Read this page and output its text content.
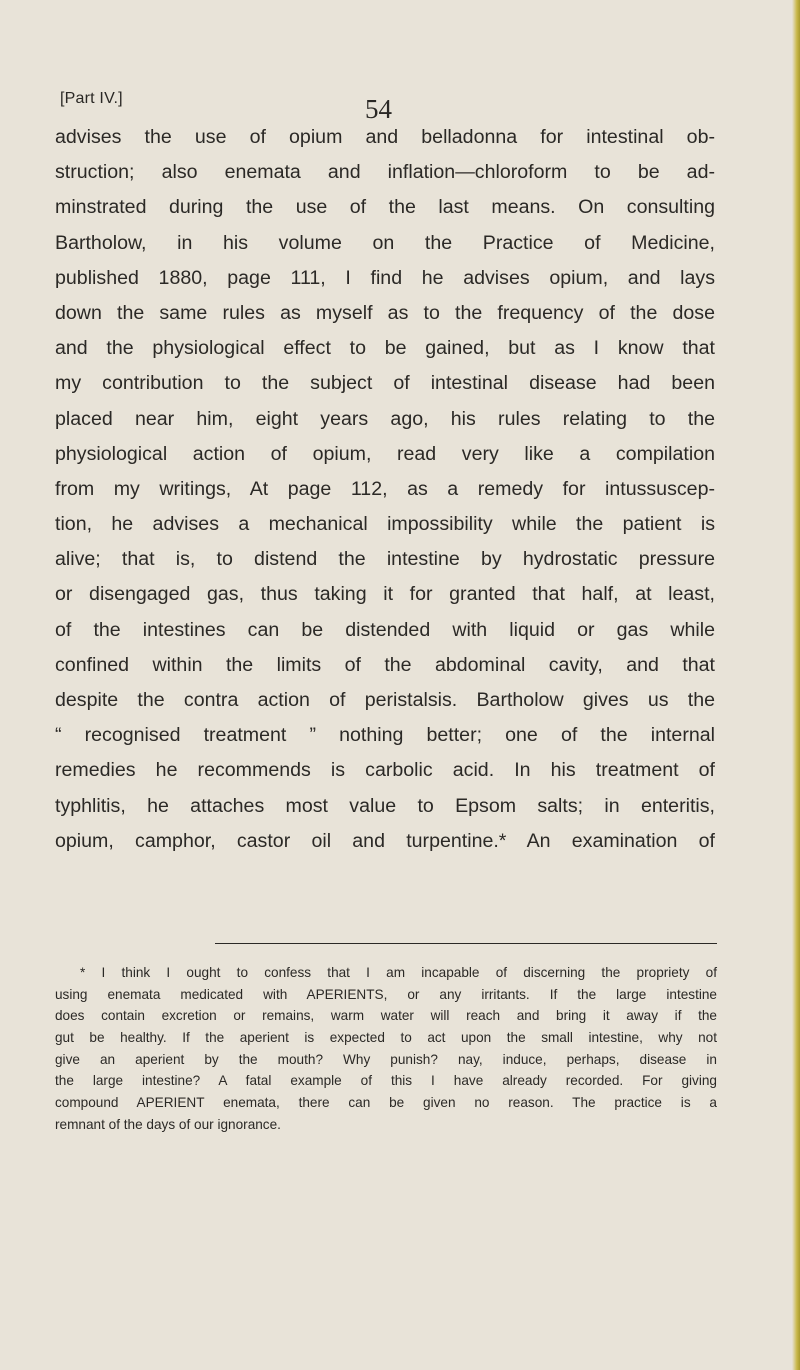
[Part IV.]	54
advises the use of opium and belladonna for intestinal ob-
struction; also enemata and inflation—chloroform to be ad-
minstrated during the use of the last means. On consulting
Bartholow, in his volume on the Practice of Medicine,
published 1880, page 111, I find he advises opium, and lays
down the same rules as myself as to the frequency of the dose
and the physiological effect to be gained, but as I know that
my contribution to the subject of intestinal disease had been
placed near him, eight years ago, his rules relating to the
physiological action of opium, read very like a compilation
from my writings, At page 112, as a remedy for intussuscep-
tion, he advises a mechanical impossibility while the patient is
alive; that is, to distend the intestine by hydrostatic pressure
or disengaged gas, thus taking it for granted that half, at least,
of the intestines can be distended with liquid or gas while
confined within the limits of the abdominal cavity, and that
despite the contra action of peristalsis. Bartholow gives us the
“ recognised treatment ” nothing better; one of the internal
remedies he recommends is carbolic acid. In his treatment of
typhlitis, he attaches most value to Epsom salts; in enteritis,
opium, camphor, castor oil and turpentine.* An examination of
* I think I ought to confess that I am incapable of discerning the propriety of
using enemata medicated with APERIENTS, or any irritants. If the large intestine
does contain excretion or remains, warm water will reach and bring it away if the
gut be healthy. If the aperient is expected to act upon the small intestine, why not
give an aperient by the mouth? Why punish? nay, induce, perhaps, disease in
the large intestine? A fatal example of this I have already recorded. For giving
compound APERIENT enemata, there can be given no reason. The practice is a
remnant of the days of our ignorance.
